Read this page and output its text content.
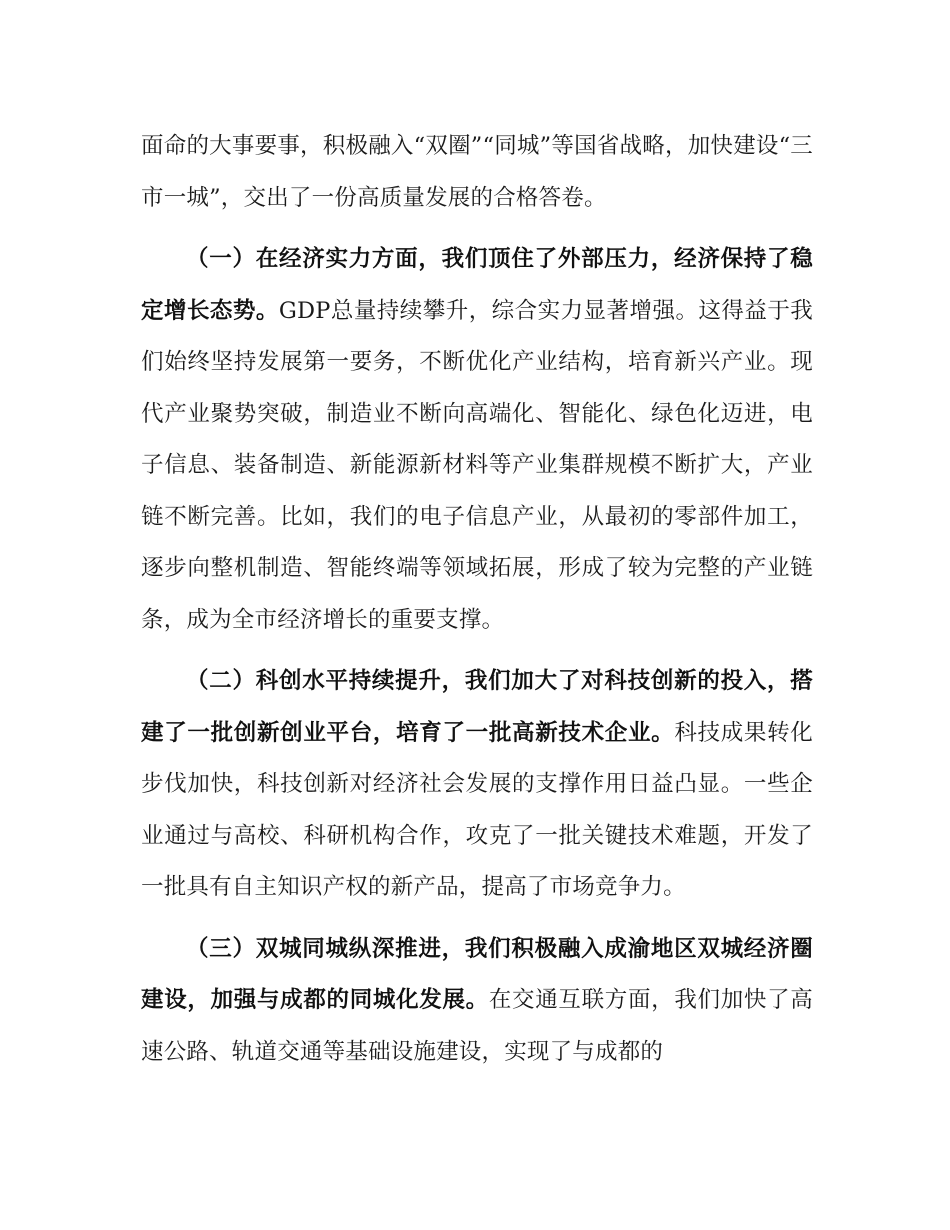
面命的大事要事，积极融入“双圈”“同城”等国省战略，加快建设“三市一城”，交出了一份高质量发展的合格答卷。

（一）在经济实力方面，我们顶住了外部压力，经济保持了稳定增长态势。GDP总量持续攀升，综合实力显著增强。这得益于我们始终坚持发展第一要务，不断优化产业结构，培育新兴产业。现代产业聚势突破，制造业不断向高端化、智能化、绿色化迈进，电子信息、装备制造、新能源新材料等产业集群规模不断扩大，产业链不断完善。比如，我们的电子信息产业，从最初的零部件加工，逐步向整机制造、智能终端等领域拓展，形成了较为完整的产业链条，成为全市经济增长的重要支撑。

（二）科创水平持续提升，我们加大了对科技创新的投入，搭建了一批创新创业平台，培育了一批高新技术企业。科技成果转化步伐加快，科技创新对经济社会发展的支撑作用日益凸显。一些企业通过与高校、科研机构合作，攻克了一批关键技术难题，开发了一批具有自主知识产权的新产品，提高了市场竞争力。

（三）双城同城纵深推进，我们积极融入成渝地区双城经济圈建设，加强与成都的同城化发展。在交通互联方面，我们加快了高速公路、轨道交通等基础设施建设，实现了与成都的
